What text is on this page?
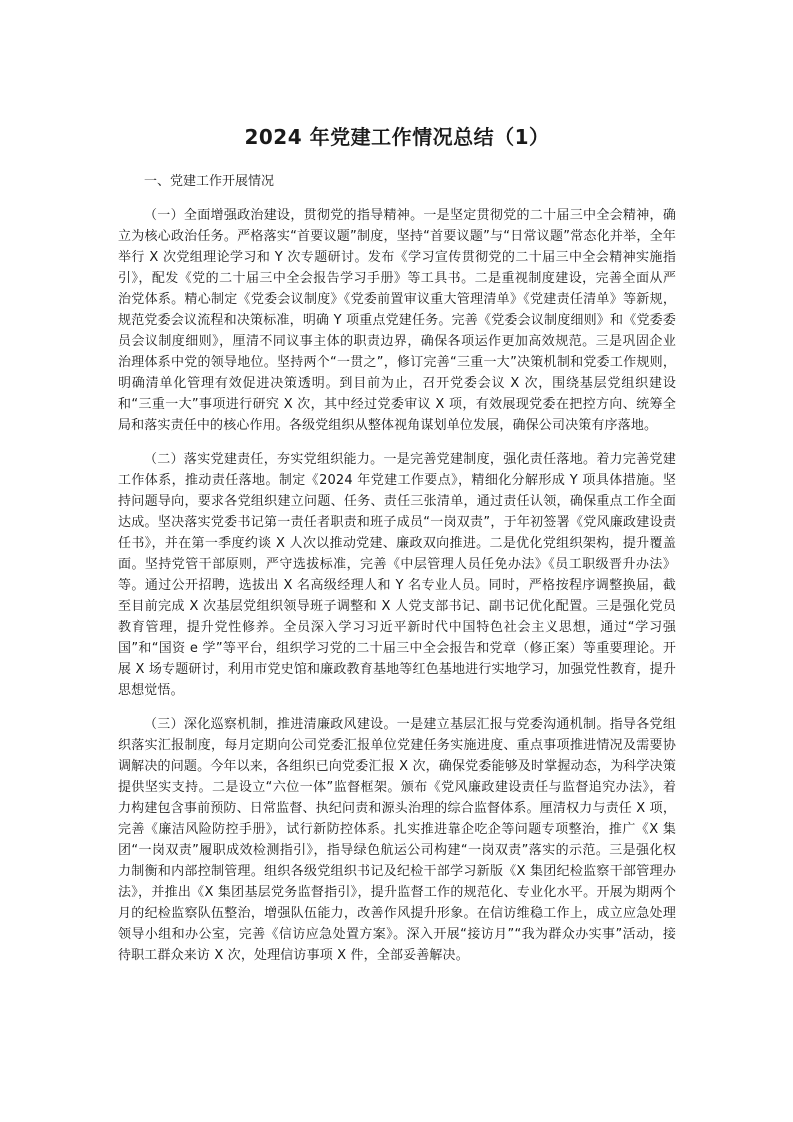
2024 年党建工作情况总结（1）

一、党建工作开展情况

（一）全面增强政治建设，贯彻党的指导精神。一是坚定贯彻党的二十届三中全会精神，确立为核心政治任务。严格落实“首要议题”制度，坚持“首要议题”与“日常议题”常态化并举，全年举行 X 次党组理论学习和 Y 次专题研讨。发布《学习宣传贯彻党的二十届三中全会精神实施指引》，配发《党的二十届三中全会报告学习手册》等工具书。二是重视制度建设，完善全面从严治党体系。精心制定《党委会议制度》《党委前置审议重大管理清单》《党建责任清单》等新规，规范党委会议流程和决策标准，明确 Y 项重点党建任务。完善《党委会议制度细则》和《党委委员会议制度细则》，厘清不同议事主体的职责边界，确保各项运作更加高效规范。三是巩固企业治理体系中党的领导地位。坚持两个“一贯之”，修订完善“三重一大”决策机制和党委工作规则，明确清单化管理有效促进决策透明。到目前为止，召开党委会议 X 次，围绕基层党组织建设和“三重一大”事项进行研究 X 次，其中经过党委审议 X 项，有效展现党委在把控方向、统筹全局和落实责任中的核心作用。各级党组织从整体视角谋划单位发展，确保公司决策有序落地。

（二）落实党建责任，夯实党组织能力。一是完善党建制度，强化责任落地。着力完善党建工作体系，推动责任落地。制定《2024 年党建工作要点》，精细化分解形成 Y 项具体措施。坚持问题导向，要求各党组织建立问题、任务、责任三张清单，通过责任认领，确保重点工作全面达成。坚决落实党委书记第一责任者职责和班子成员“一岗双责”，于年初签署《党风廉政建设责任书》，并在第一季度约谈 X 人次以推动党建、廉政双向推进。二是优化党组织架构，提升覆盖面。坚持党管干部原则，严守选拔标准，完善《中层管理人员任免办法》《员工职级晋升办法》等。通过公开招聘，选拔出 X 名高级经理人和 Y 名专业人员。同时，严格按程序调整换届，截至目前完成 X 次基层党组织领导班子调整和 X 人党支部书记、副书记优化配置。三是强化党员教育管理，提升党性修养。全员深入学习习近平新时代中国特色社会主义思想，通过“学习强国”和“国资 e 学”等平台，组织学习党的二十届三中全会报告和党章（修正案）等重要理论。开展 X 场专题研讨，利用市党史馆和廉政教育基地等红色基地进行实地学习，加强党性教育，提升思想觉悟。

（三）深化巡察机制，推进清廉政风建设。一是建立基层汇报与党委沟通机制。指导各党组织落实汇报制度，每月定期向公司党委汇报单位党建任务实施进度、重点事项推进情况及需要协调解决的问题。今年以来，各组织已向党委汇报 X 次，确保党委能够及时掌握动态，为科学决策提供坚实支持。二是设立“六位一体”监督框架。颁布《党风廉政建设责任与监督追究办法》，着力构建包含事前预防、日常监督、执纪问责和源头治理的综合监督体系。厘清权力与责任 X 项，完善《廉洁风险防控手册》，试行新防控体系。扎实推进靠企吃企等问题专项整治，推广《X 集团“一岗双责”履职成效检测指引》，指导绿色航运公司构建“一岗双责”落实的示范。三是强化权力制衡和内部控制管理。组织各级党组织书记及纪检干部学习新版《X 集团纪检监察干部管理办法》，并推出《X 集团基层党务监督指引》，提升监督工作的规范化、专业化水平。开展为期两个月的纪检监察队伍整治，增强队伍能力，改善作风提升形象。在信访维稳工作上，成立应急处理领导小组和办公室，完善《信访应急处置方案》。深入开展“接访月”“我为群众办实事”活动，接待职工群众来访 X 次，处理信访事项 X 件，全部妥善解决。
